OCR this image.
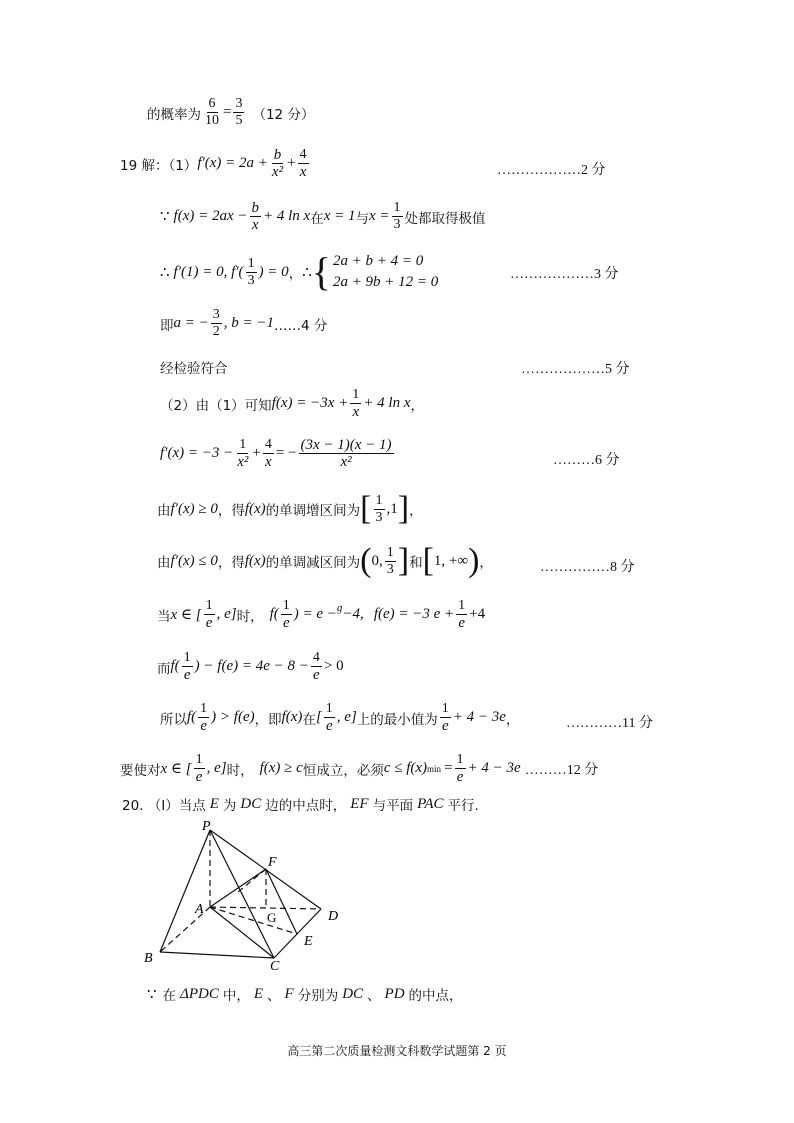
的概率为 $\frac{6}{10} = \frac{3}{5} (12$ 分）
19 解：（1） $f'(x) = 2a + \frac{b}{\text{x²}} + \frac{4}{x}$	………………2 分
∵ $f(x) = 2ax - \frac{b}{x} + 4$ ln x 在 x = 1 与 $x = \frac{1}{3}$ 处都取得极值
∴ f′(1) = 0, $f'( \frac{1}{3}$ ) = 0 ， ∴ { 2a + b + 4 = 0
2a + 9b + 12 = 0	………………3 分
即 a = − $\frac{3}{2}$ , b = −1 ……4 分
经检验符合	………………5 分
（2）由（1）可知 $f(x) = -3x + \frac{1}{x} + 4$ ln x ，
$f'(x) = -3 - \frac{1}{\text{x²}} + \frac{4}{x}$ = − $\frac{(3x - 1)(x - 1)}{\text{x²}}$	………6 分
由 f′(x) ≥ 0 ，得 f(x) 的单调增区间为 [ $\frac{1}{3} ,1$ ] ，
由 f′(x) ≤ 0 ，得 f(x) 的单调减区间为 ( 0, $\frac{1}{3}$ ] 和 [ 1, +∞ ) ，	……………8 分
当 x ∈ [ $\frac{1}{e}$ , e] 时， $f( \frac{1}{e}$ ) = e − ɡ −4, f(e) = −3 $e + \frac{1}{e} +4$
而 $f( \frac{1}{e}$ ) − $f(e) = 4e - 8 - \frac{4}{e} > 0$
所以 $f( \frac{1}{e}$ ) > f(e) ，即 f(x) 在 [ $\frac{1}{e}$ , e] 上的最小值为 $\frac{1}{e} + 4 - 3e$ ，	…………11 分
要使对 x ∈ [ $\frac{1}{e}$ , e] 时， f(x) ≥ c 恒成立，必须 c ≤ f(x) $\min = \frac{1}{e} + 4 - 3e$ ………12 分
20. （Ⅰ）当点 E 为 DC 边的中点时， EF 与平面 PAC 平行.
P
F
A
G	D
E
B
C
∵ 在 ΔPDC 中， E 、 F 分别为 DC 、 PD 的中点，
高三第二次质量检测文科数学试题第 2 页
